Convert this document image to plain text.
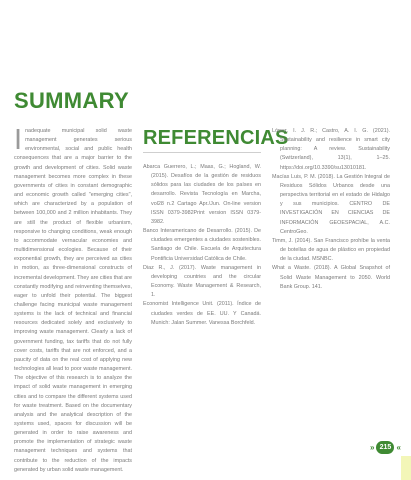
SUMMARY
I nadequate municipal solid waste management generates serious environmental, social and public health consequences that are a major barrier to the growth and development of cities. Solid waste management becomes more complex in these governments of cities in constant demographic and economic growth called "emerging cities", which are characterized by a population of between 100,000 and 2 million inhabitants. They are still the product of flexible urbanism, responsive to changing conditions, weak enough to accommodate vernacular economies and multidimensional ecologies. Because of their exponential growth, they are perceived as cities in motion, as three-dimensional constructs of incremental development. They are cities that are constantly modifying and reinventing themselves, eager to unfold their potential. The biggest challenge facing municipal waste management systems is the lack of technical and financial resources dedicated solely and exclusively to improving waste management. Clearly a lack of government funding, tax tariffs that do not fully cover costs, tariffs that are not enforced, and a paucity of data on the real cost of applying new technologies all lead to poor waste management. The objective of this research is to analyze the impact of solid waste management in emerging cities and to compare the different systems used for waste treatment. Based on the documentary analysis and the analytical description of the systems used, spaces for discussion will be generated in order to raise awareness and promote the implementation of strategic waste management techniques and systems that contribute to the reduction of the impacts generated by urban solid waste management.

REFERENCIAS

Abarca Guerrero, L.; Maas, G.; Hogland, W. (2015). Desafíos de la gestión de residuos sólidos para las ciudades de los países en desarrollo. Revista Tecnología en Marcha, vol28 n.2 Cartago Apr./Jun. On-line version ISSN 0379-3982Print version ISSN 0379-3982.

Banco Interamericano de Desarrollo. (2015). De ciudades emergentes a ciudades sostenibles. Santiago de Chile. Escuela de Arquitectura Pontificia Universidad Católica de Chile.

Diaz R., J. (2017). Waste management in developing countries and the circular Economy. Waste Management & Research, 1.

Economist Intelligence Unit. (2011). Índice de ciudades verdes de EE. UU. Y Canadá. Munich: Jalan Summer. Vanessa Borchfeld.

López, I. J. R.; Castro, A. I. G. (2021). Sustainability and resilience in smart city planning: A review. Sustainability (Switzerland), 13(1), 1–25. https://doi.org/10.3390/su13010181.

Macías Luis, P. M. (2018). La Gestión Integral de Residuos Sólidos Urbanos desde una perspectiva territorial en el estado de Hidalgo y sus municipios. CENTRO DE INVESTIGACIÓN EN CIENCIAS DE INFORMACIÓN GEOESPACIAL, A.C. CentroGeo.

Timm, J. (2014). San Francisco prohíbe la venta de botellas de agua de plástico en propiedad de la ciudad. MSNBC.

What a Waste. (2018). A Global Snapshot of Solid Waste Management to 2050. World Bank Group. 141.

» 215 «
